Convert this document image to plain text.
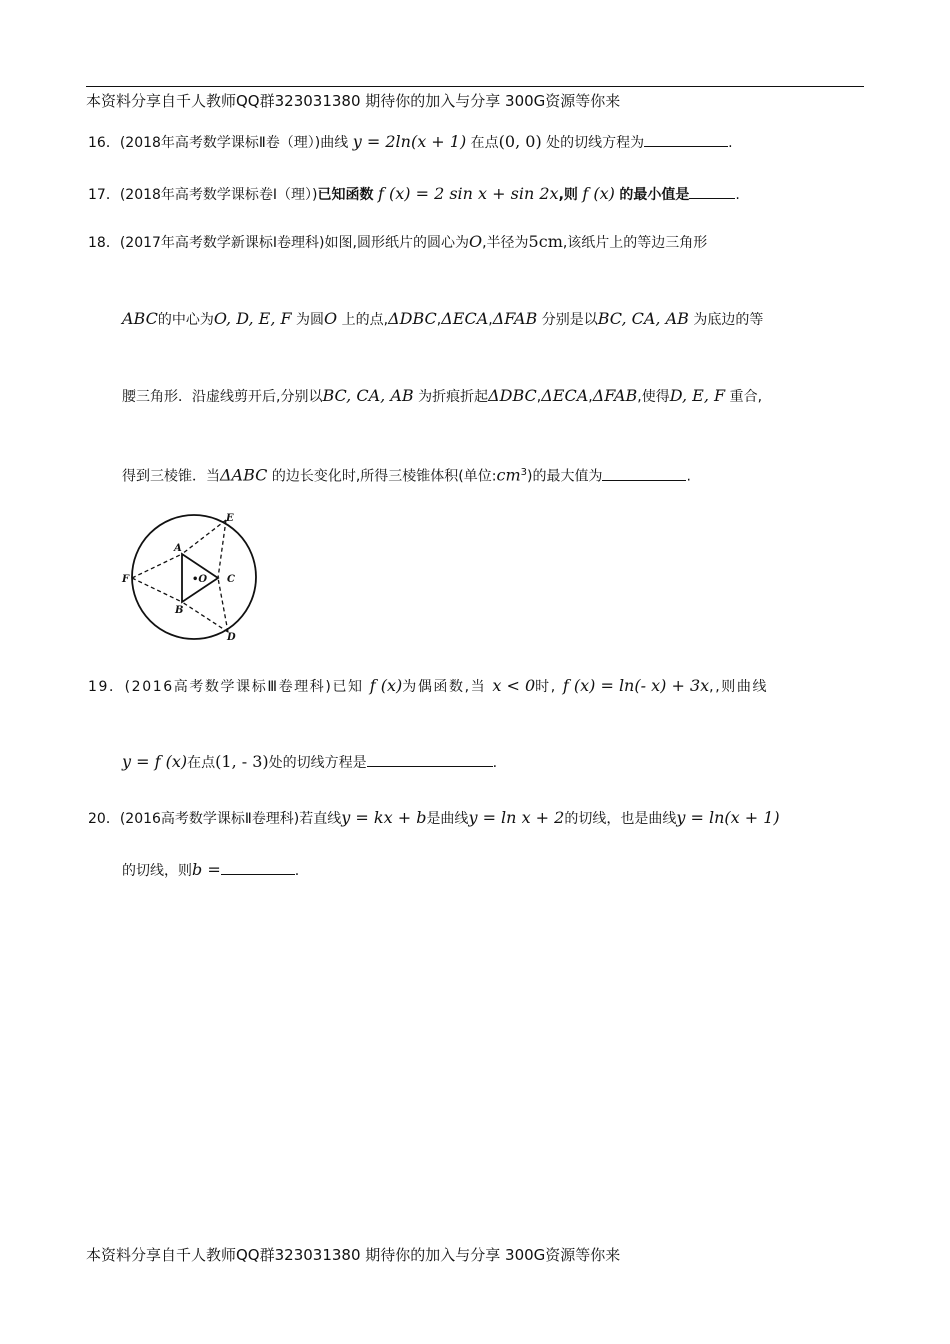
本资料分享自千人教师QQ群323031380 期待你的加入与分享 300G资源等你来
16．(2018年高考数学课标Ⅱ卷（理）)曲线 y = 2ln(x + 1) 在点(0, 0) 处的切线方程为	.
17．(2018年高考数学课标卷Ⅰ（理）)已知函数 f (x) = 2 sin x + sin 2x,则 f (x) 的最小值是	.
18．(2017年高考数学新课标Ⅰ卷理科)如图,圆形纸片的圆心为O,半径为5cm,该纸片上的等边三角形
ABC的中心为O, D, E, F 为圆O 上的点,ΔDBC,ΔECA,ΔFAB 分别是以BC, CA, AB 为底边的等
腰三角形．沿虚线剪开后,分别以BC, CA, AB 为折痕折起ΔDBC,ΔECA,ΔFAB,使得D, E, F 重合,
得到三棱锥．当ΔABC 的边长变化时,所得三棱锥体积(单位$:cm^3$)的最大值为	.
E
A
F	•O C
B
D
19．(2016高考数学课标Ⅲ卷理科)已知 f (x)为偶函数,当 x < 0时, f (x) = ln(- x) + 3x,,则曲线
y = f (x)在点(1, - 3)处的切线方程是	.
20．(2016高考数学课标Ⅱ卷理科)若直线y = kx + b是曲线y = ln x + 2的切线，也是曲线y = ln(x + 1)
的切线，则b =	.
本资料分享自千人教师QQ群323031380 期待你的加入与分享 300G资源等你来
